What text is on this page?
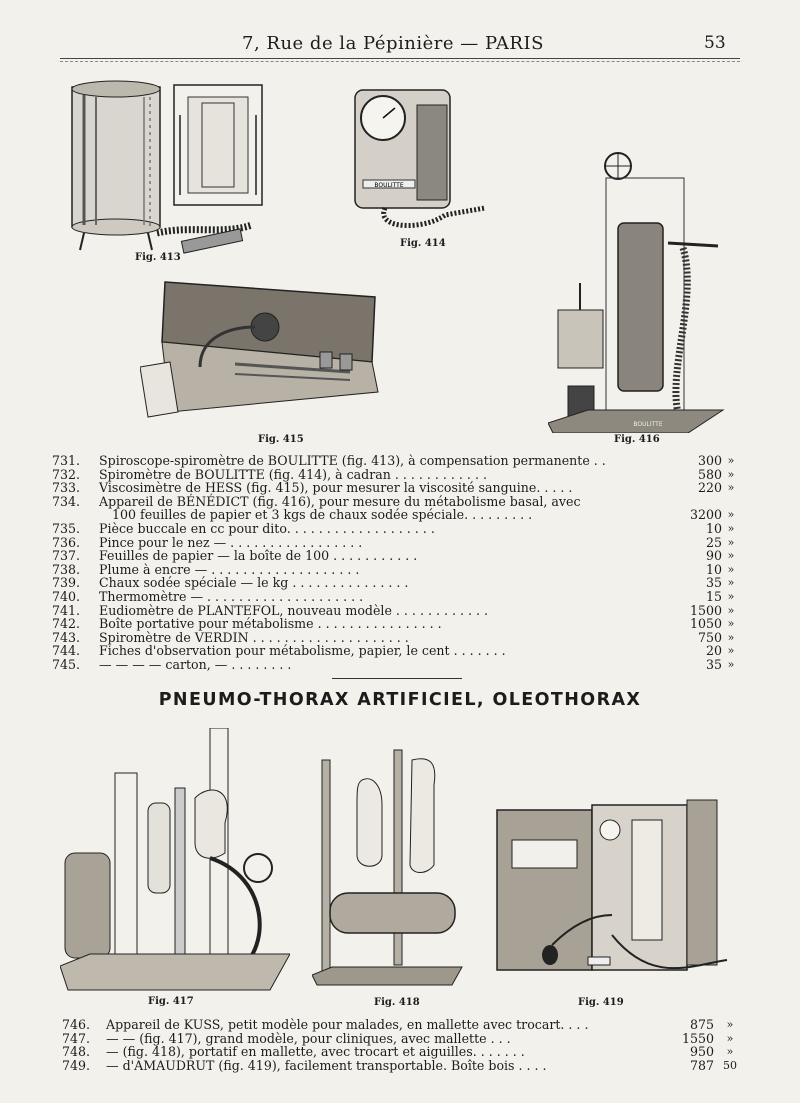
7, Rue de la Pépinière — PARIS	53
Fig. 413
BOULITTE
Fig. 414
Fig. 415
BOULITTE
Fig. 416
731.	Spiroscope-spiromètre de BOULITTE (fig. 413), à compensation permanente . .	300 »
732.	Spiromètre de BOULITTE (fig. 414), à cadran . . . . . . . . . . . .	580 »
733.	Viscosimètre de HESS (fig. 415), pour mesurer la viscosité sanguine. . . . .	220 »
734.	Appareil de BÉNÉDICT (fig. 416), pour mesure du métabolisme basal, avec
100 feuilles de papier et 3 kgs de chaux sodée spéciale. . . . . . . . .	3200 »
735.	Pièce buccale en cc pour dito. . . . . . . . . . . . . . . . . . .	10 »
736.	Pince pour le nez — . . . . . . . . . . . . . . . . .	25 »
737.	Feuilles de papier — la boîte de 100 . . . . . . . . . . .	90 »
738.	Plume à encre — . . . . . . . . . . . . . . . . . . .	10 »
739.	Chaux sodée spéciale — le kg . . . . . . . . . . . . . . .	35 »
740.	Thermomètre — . . . . . . . . . . . . . . . . . . . .	15 »
741.	Eudiomètre de PLANTEFOL, nouveau modèle . . . . . . . . . . . .	1500 »
742.	Boîte portative pour métabolisme . . . . . . . . . . . . . . . .	1050 »
743.	Spiromètre de VERDIN . . . . . . . . . . . . . . . . . . . .	750 »
744.	Fiches d'observation pour métabolisme, papier, le cent . . . . . . .	20 »
745.	— — — — carton, — . . . . . . . .	35 »
PNEUMO-THORAX ARTIFICIEL, OLEOTHORAX
Fig. 417	Fig. 418	Fig. 419
746.	Appareil de KUSS, petit modèle pour malades, en mallette avec trocart. . . .	875	»
747.	— — (fig. 417), grand modèle, pour cliniques, avec mallette . . .	1550	»
748.	— (fig. 418), portatif en mallette, avec trocart et aiguilles. . . . . . .	950	»
749.	— d'AMAUDRUT (fig. 419), facilement transportable. Boîte bois . . . .	787 50
